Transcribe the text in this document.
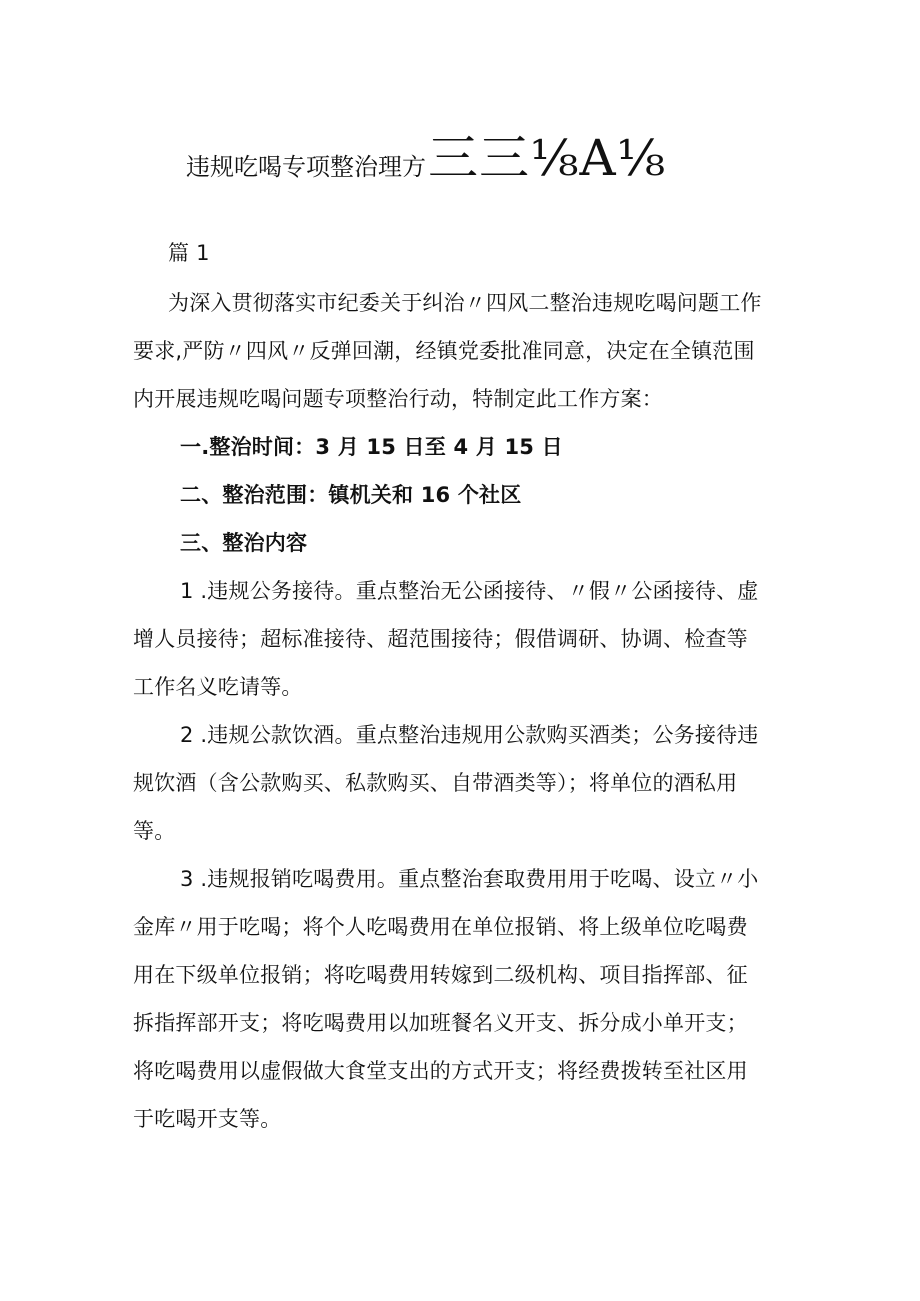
违规吃喝专项整治理方三三⅛A⅛
篇 1
为深入贯彻落实市纪委关于纠治〃四风二整治违规吃喝问题工作
要求,严防〃四风〃反弹回潮，经镇党委批准同意，决定在全镇范围
内开展违规吃喝问题专项整治行动，特制定此工作方案：
一.整治时间：3 月 15 日至 4 月 15 日
二、整治范围：镇机关和 16 个社区
三、整治内容
1 .违规公务接待。重点整治无公函接待、〃假〃公函接待、虚
增人员接待；超标准接待、超范围接待；假借调研、协调、检查等
工作名义吃请等。
2 .违规公款饮酒。重点整治违规用公款购买酒类；公务接待违
规饮酒（含公款购买、私款购买、自带酒类等）；将单位的酒私用
等。
3 .违规报销吃喝费用。重点整治套取费用用于吃喝、设立〃小
金库〃用于吃喝；将个人吃喝费用在单位报销、将上级单位吃喝费
用在下级单位报销；将吃喝费用转嫁到二级机构、项目指挥部、征
拆指挥部开支；将吃喝费用以加班餐名义开支、拆分成小单开支；
将吃喝费用以虚假做大食堂支出的方式开支；将经费拨转至社区用
于吃喝开支等。
